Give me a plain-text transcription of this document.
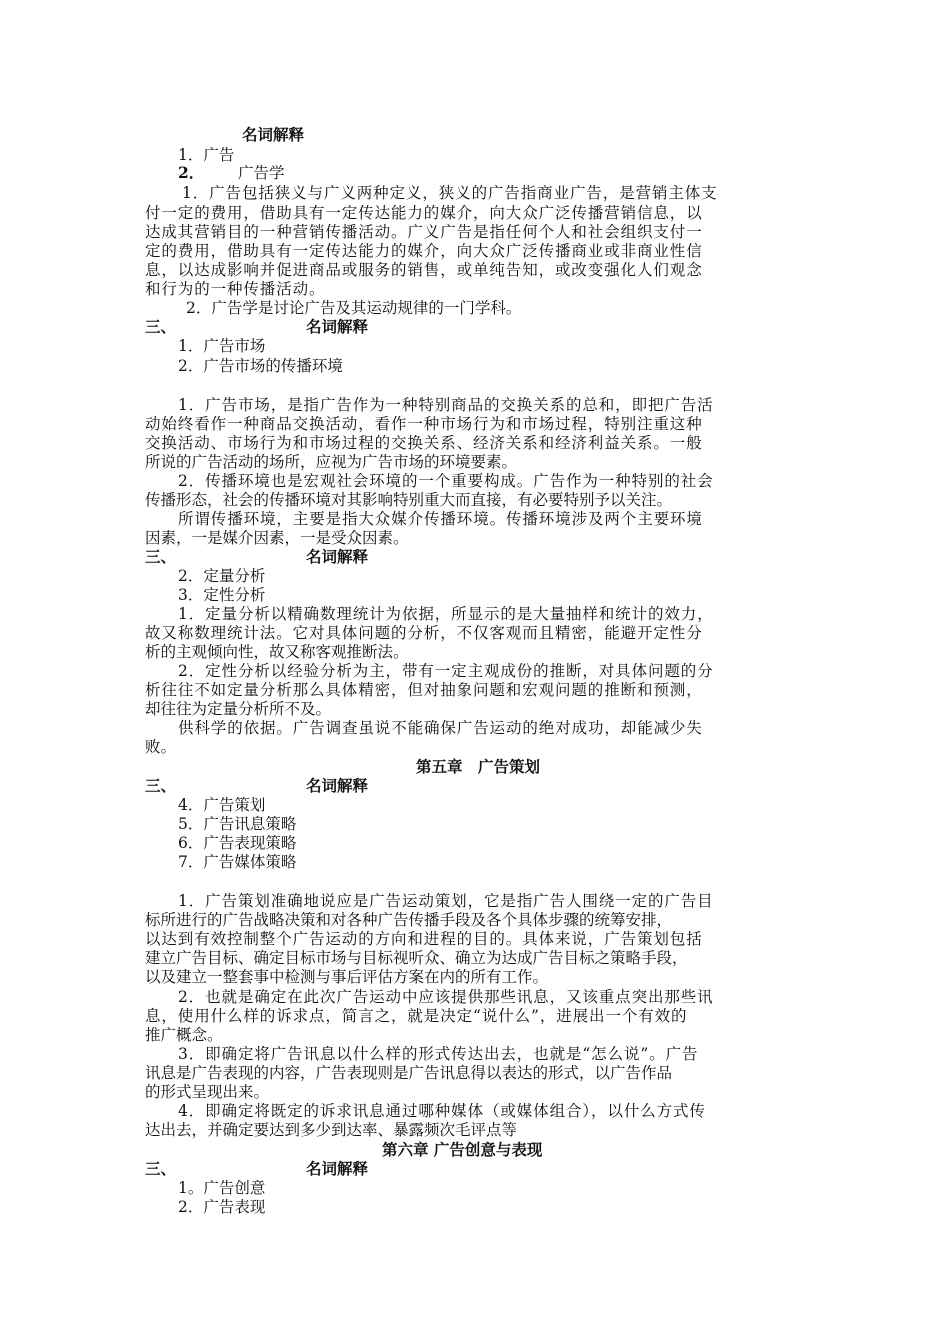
名词解释
1．广告
2． 广告学
1．广告包括狭义与广义两种定义，狭义的广告指商业广告，是营销主体支
付一定的费用，借助具有一定传达能力的媒介，向大众广泛传播营销信息，以
达成其营销目的一种营销传播活动。广义广告是指任何个人和社会组织支付一
定的费用，借助具有一定传达能力的媒介，向大众广泛传播商业或非商业性信
息，以达成影响并促进商品或服务的销售，或单纯告知，或改变强化人们观念
和行为的一种传播活动。
2．广告学是讨论广告及其运动规律的一门学科。
三、	名词解释
1．广告市场
2．广告市场的传播环境
1．广告市场，是指广告作为一种特别商品的交换关系的总和，即把广告活
动始终看作一种商品交换活动，看作一种市场行为和市场过程，特别注重这种
交换活动、市场行为和市场过程的交换关系、经济关系和经济利益关系。一般
所说的广告活动的场所，应视为广告市场的环境要素。
2．传播环境也是宏观社会环境的一个重要构成。广告作为一种特别的社会
传播形态，社会的传播环境对其影响特别重大而直接，有必要特别予以关注。
所谓传播环境，主要是指大众媒介传播环境。传播环境涉及两个主要环境
因素，一是媒介因素，一是受众因素。
三、	名词解释
2．定量分析
3．定性分析
1．定量分析以精确数理统计为依据，所显示的是大量抽样和统计的效力，
故又称数理统计法。它对具体问题的分析，不仅客观而且精密，能避开定性分
析的主观倾向性，故又称客观推断法。
2．定性分析以经验分析为主，带有一定主观成份的推断，对具体问题的分
析往往不如定量分析那么具体精密，但对抽象问题和宏观问题的推断和预测，
却往往为定量分析所不及。
供科学的依据。广告调查虽说不能确保广告运动的绝对成功，却能减少失
败。
第五章　广告策划
三、	名词解释
4．广告策划
5．广告讯息策略
6．广告表现策略
7．广告媒体策略
1．广告策划准确地说应是广告运动策划，它是指广告人围绕一定的广告目
标所进行的广告战略决策和对各种广告传播手段及各个具体步骤的统筹安排，
以达到有效控制整个广告运动的方向和进程的目的。具体来说，广告策划包括
建立广告目标、确定目标市场与目标视听众、确立为达成广告目标之策略手段，
以及建立一整套事中检测与事后评估方案在内的所有工作。
2．也就是确定在此次广告运动中应该提供那些讯息，又该重点突出那些讯
息，使用什么样的诉求点，简言之，就是决定“说什么”，进展出一个有效的
推广概念。
3．即确定将广告讯息以什么样的形式传达出去，也就是“怎么说”。广告
讯息是广告表现的内容，广告表现则是广告讯息得以表达的形式，以广告作品
的形式呈现出来。
4．即确定将既定的诉求讯息通过哪种媒体（或媒体组合），以什么方式传
达出去，并确定要达到多少到达率、暴露频次毛评点等
第六章 广告创意与表现
三、	名词解释
1。广告创意
2．广告表现
